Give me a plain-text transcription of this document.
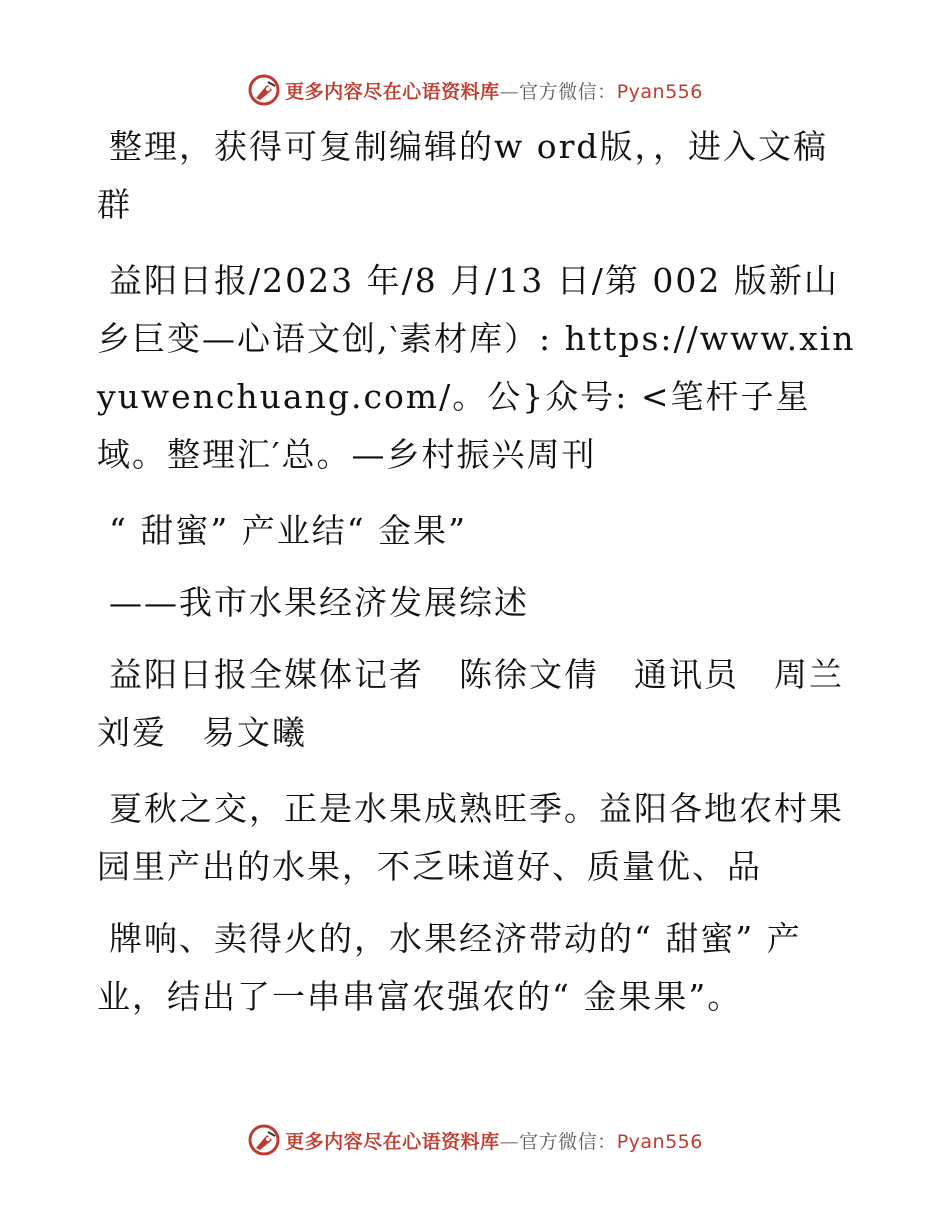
更多内容尽在心语资料库—官方微信：Pyan556

整理，获得可复制编辑的w ord版，，进入文稿群

益阳日报/2023 年/8 月/13 日/第 002 版新山乡巨变—心语文创,‵素材库）: https://www.xinyuwenchuang.com/。公}众号: <笔杆子星域。整理汇′总。—乡村振兴周刊

“ 甜蜜” 产业结“ 金果”

——我市水果经济发展综述

益阳日报全媒体记者　陈徐文倩　通讯员　周兰刘爱　易文曦

夏秋之交，正是水果成熟旺季。益阳各地农村果园里产出的水果，不乏味道好、质量优、品

牌响、卖得火的，水果经济带动的“ 甜蜜” 产业，结出了一串串富农强农的“ 金果果”。

更多内容尽在心语资料库—官方微信：Pyan556
